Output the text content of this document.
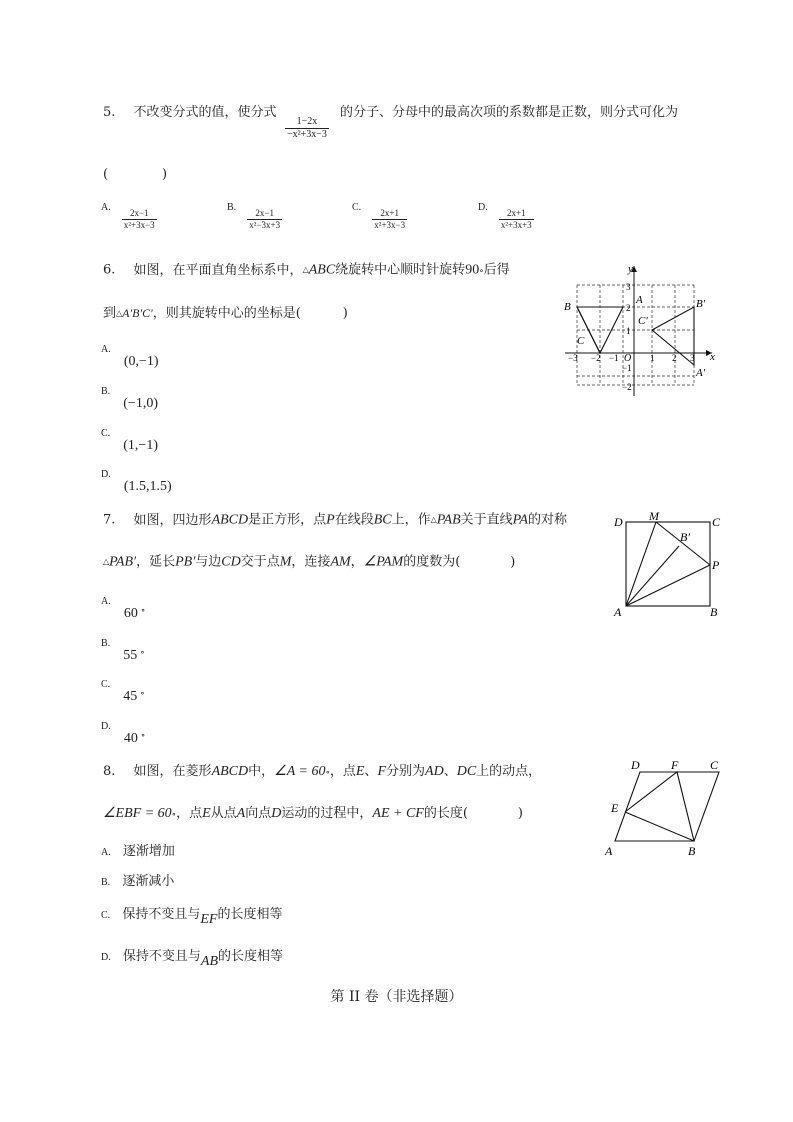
5. 不改变分式的值，使分式
$\frac{1-2x}{\text{−x²+3x−3}}$
的分子、分母中的最高次项的系数都是正数，则分式可化为
(	)
$^{A.}$
$\frac{2x-1}{\text{x²+3x−3}}$
$^{B.}$
$\frac{2x-1}{\text{x²−3x+3}}$
$^{C.}$
$\frac{2x+1}{\text{x²+3x−3}}$
$^{D.}$
$\frac{2x+1}{\text{x²+3x+3}}$
6. 如图，在平面直角坐标系中，△ABC绕旋转中心顺时针旋转90∘后得
到△A′B′C′，则其旋转中心的坐标是(	)
$^{A.}$ (0,−1)
$^{B.}$ (−1,0)
$^{C.}$ (1,−1)
$^{D.}$ (1.5,1.5)
y
x
O
3
2
1
−1
−2
−3 −2 −1	1 2 3
B
A
C
B′
C′
A′
7. 如图，四边形ABCD是正方形，点P在线段BC上，作△PAB关于直线PA的对称
△PAB′，延长PB′与边CD交于点M，连接AM，∠PAM的度数为(	)
$^{A.}$ 60 ∘
$^{B.}$ 55 ∘
$^{C.}$ 45 ∘
$^{D.}$ 40 ∘
D M	C
B′
P
A	B
8. 如图，在菱形ABCD中，∠A = 60∘，点E、F分别为AD、DC上的动点，
∠EBF = 60∘，点E从点A向点D运动的过程中，AE + CF的长度(	)
A. 逐渐增加
B. 逐渐减小
C. 保持不变且与EF的长度相等
D. 保持不变且与AB的长度相等
D	F	C
E
A	B
第 II 卷（非选择题）
